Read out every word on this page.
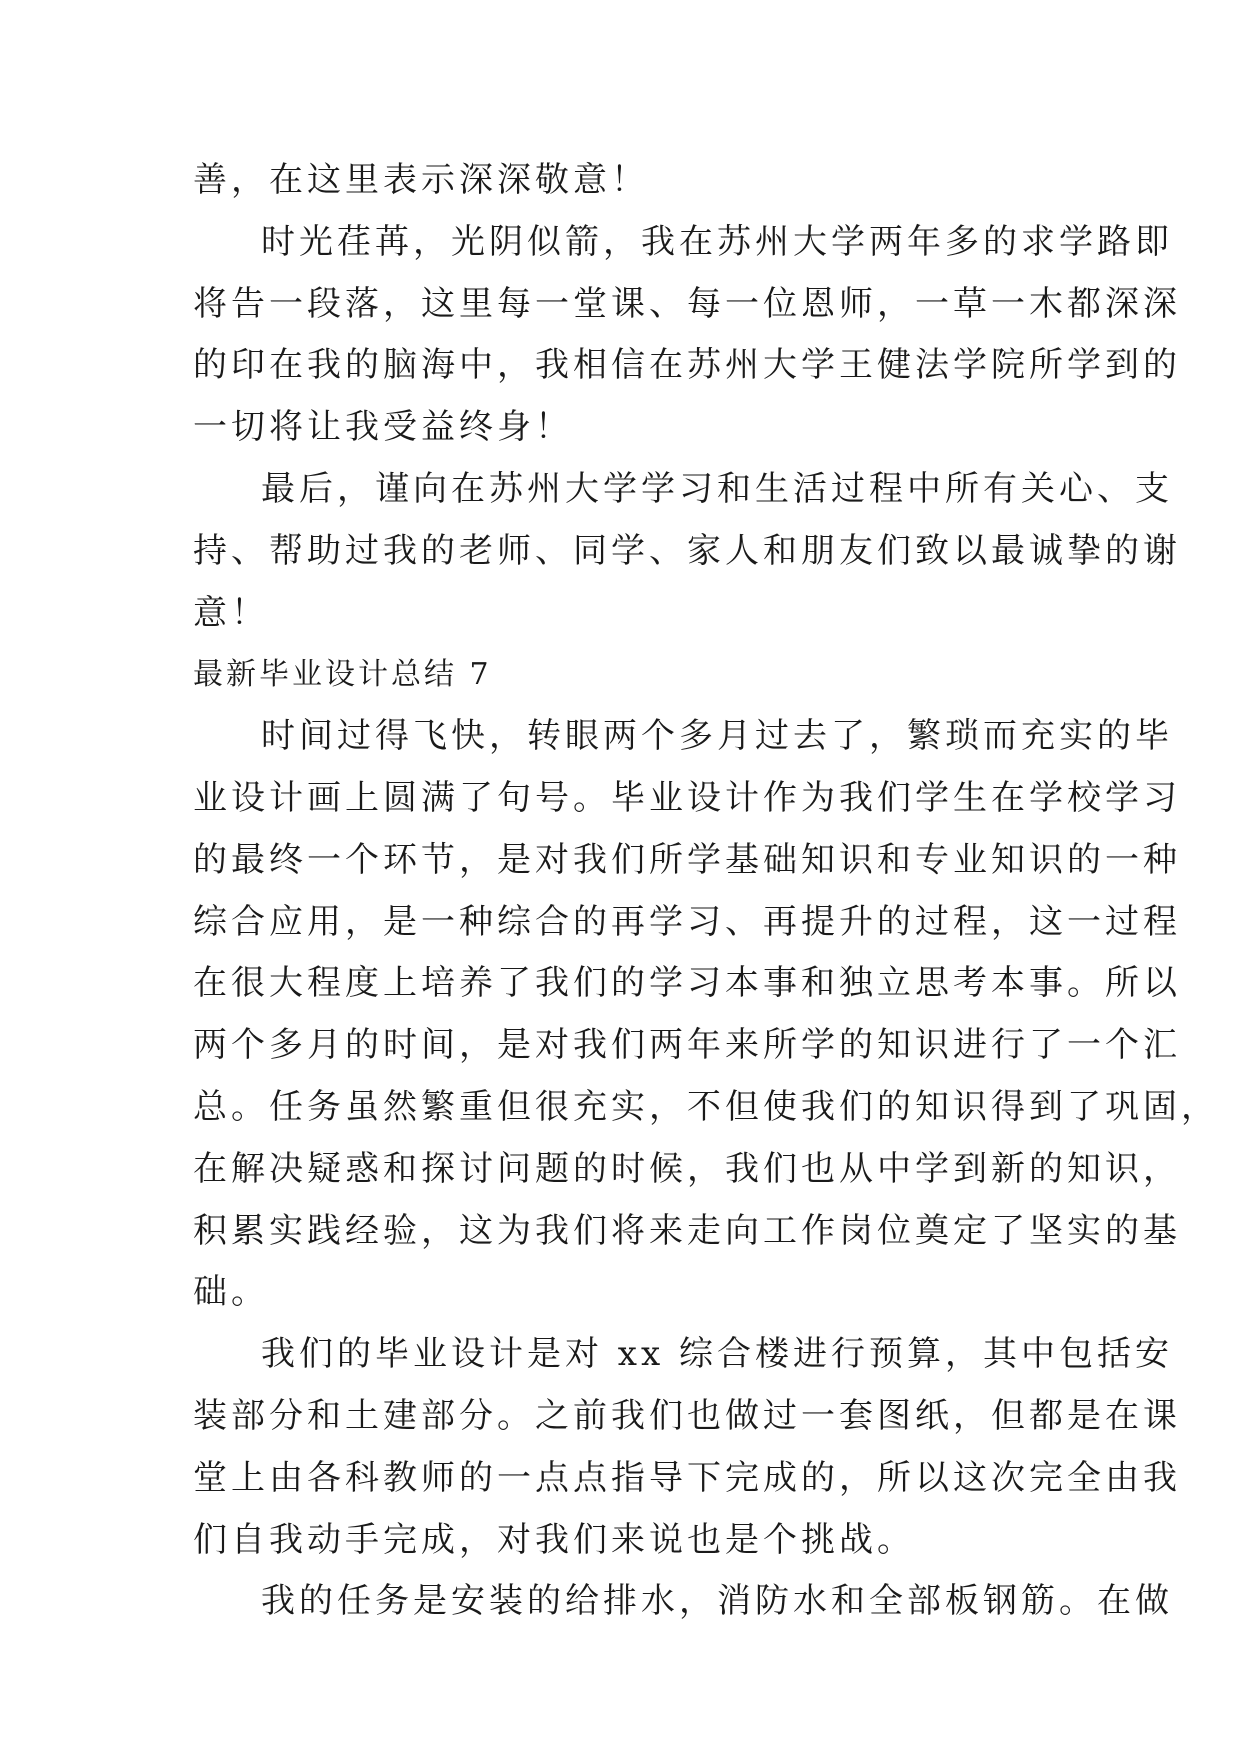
善，在这里表示深深敬意！
时光荏苒，光阴似箭，我在苏州大学两年多的求学路即
将告一段落，这里每一堂课、每一位恩师，一草一木都深深
的印在我的脑海中，我相信在苏州大学王健法学院所学到的
一切将让我受益终身！
最后，谨向在苏州大学学习和生活过程中所有关心、支
持、帮助过我的老师、同学、家人和朋友们致以最诚挚的谢
意！
最新毕业设计总结 7
时间过得飞快，转眼两个多月过去了，繁琐而充实的毕
业设计画上圆满了句号。毕业设计作为我们学生在学校学习
的最终一个环节，是对我们所学基础知识和专业知识的一种
综合应用，是一种综合的再学习、再提升的过程，这一过程
在很大程度上培养了我们的学习本事和独立思考本事。所以
两个多月的时间，是对我们两年来所学的知识进行了一个汇
总。任务虽然繁重但很充实，不但使我们的知识得到了巩固，
在解决疑惑和探讨问题的时候，我们也从中学到新的知识，
积累实践经验，这为我们将来走向工作岗位奠定了坚实的基
础。
我们的毕业设计是对 xx 综合楼进行预算，其中包括安
装部分和土建部分。之前我们也做过一套图纸，但都是在课
堂上由各科教师的一点点指导下完成的，所以这次完全由我
们自我动手完成，对我们来说也是个挑战。
我的任务是安装的给排水，消防水和全部板钢筋。在做
